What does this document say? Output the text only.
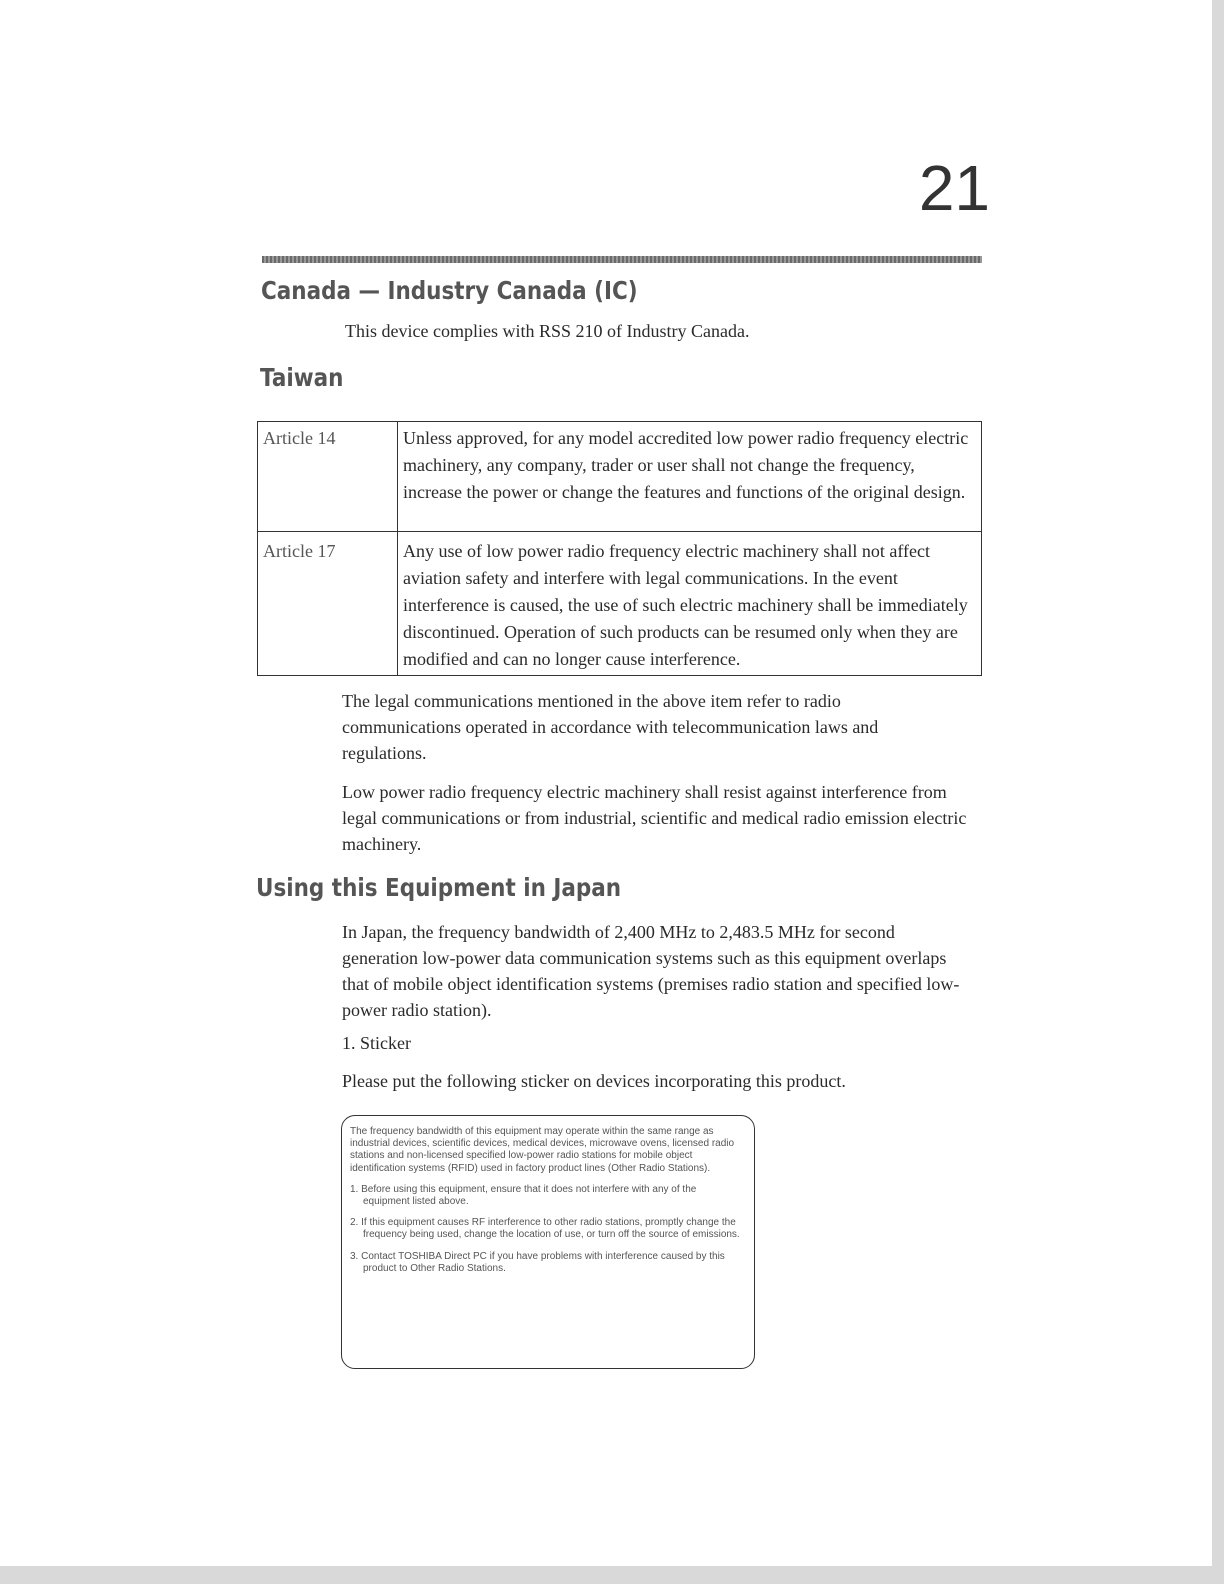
21
Canada — Industry Canada (IC)

This device complies with RSS 210 of Industry Canada.

Taiwan
Article 14	Unless approved, for any model accredited low power radio frequency electric machinery, any company, trader or user shall not change the frequency, increase the power or change the features and functions of the original design.
Article 17	Any use of low power radio frequency electric machinery shall not affect aviation safety and interfere with legal communications. In the event interference is caused, the use of such electric machinery shall be immediately discontinued. Operation of such products can be resumed only when they are modified and can no longer cause interference.

The legal communications mentioned in the above item refer to radio communications operated in accordance with telecommunication laws and regulations.

Low power radio frequency electric machinery shall resist against interference from legal communications or from industrial, scientific and medical radio emission electric machinery.

Using this Equipment in Japan

In Japan, the frequency bandwidth of 2,400 MHz to 2,483.5 MHz for second generation low-power data communication systems such as this equipment overlaps that of mobile object identification systems (premises radio station and specified low-power radio station).

1. Sticker

Please put the following sticker on devices incorporating this product.

The frequency bandwidth of this equipment may operate within the same range as industrial devices, scientific devices, medical devices, microwave ovens, licensed radio stations and non-licensed specified low-power radio stations for mobile object identification systems (RFID) used in factory product lines (Other Radio Stations).

1. Before using this equipment, ensure that it does not interfere with any of the equipment listed above.

2. If this equipment causes RF interference to other radio stations, promptly change the frequency being used, change the location of use, or turn off the source of emissions.

3. Contact TOSHIBA Direct PC if you have problems with interference caused by this product to Other Radio Stations.
